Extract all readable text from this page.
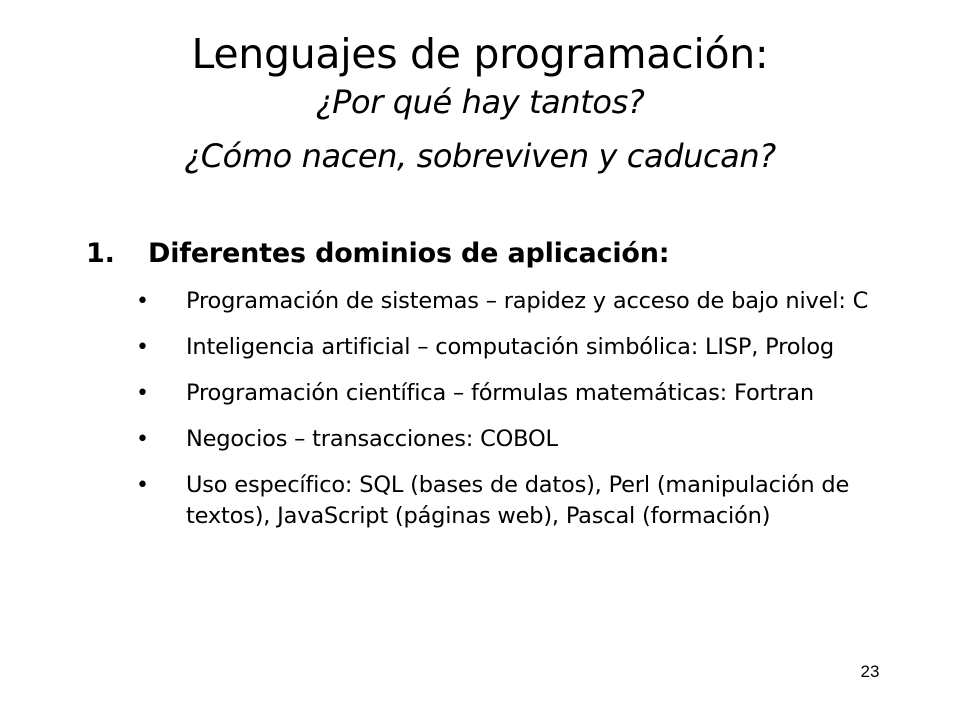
Lenguajes de programación:

¿Por qué hay tantos?

¿Cómo nacen, sobreviven y caducan?

1.	Diferentes dominios de aplicación:
•	Programación de sistemas – rapidez y acceso de bajo nivel: C
•	Inteligencia artificial – computación simbólica: LISP, Prolog
•	Programación científica – fórmulas matemáticas: Fortran
•	Negocios – transacciones: COBOL
•	Uso específico: SQL (bases de datos), Perl (manipulación de textos), JavaScript (páginas web), Pascal (formación)
23
